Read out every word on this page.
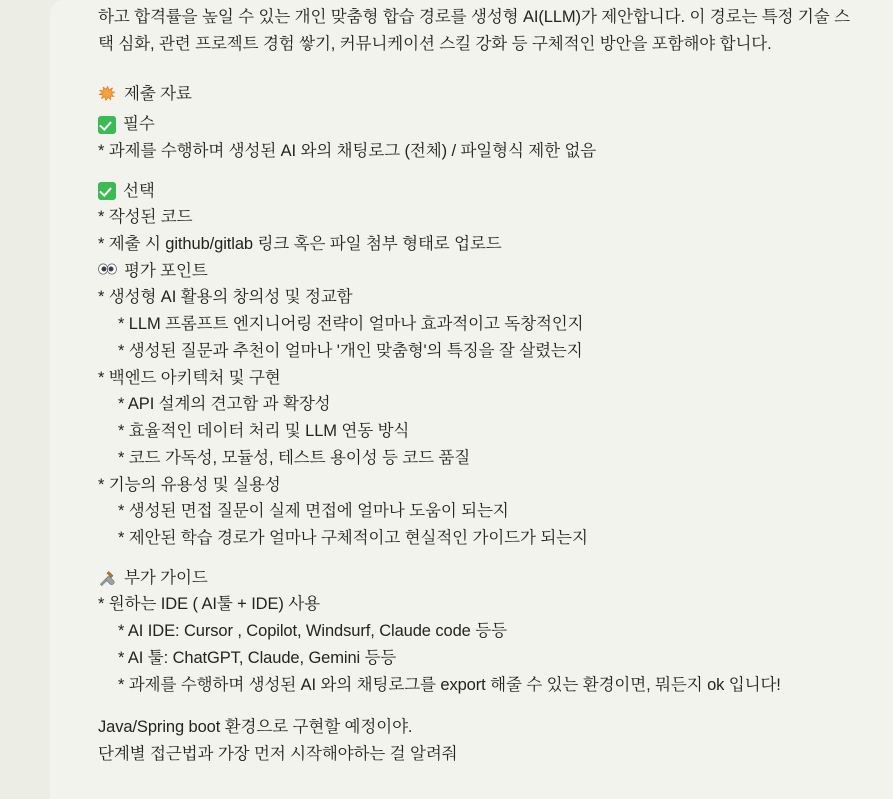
하고 합격률을 높일 수 있는 개인 맞춤형 합습 경로를 생성형 AI(LLM)가 제안합니다. 이 경로는 특정 기술 스택 심화, 관련 프로젝트 경험 쌓기, 커뮤니케이션 스킬 강화 등 구체적인 방안을 포함해야 합니다.

제출 자료
필수
* 과제를 수행하며 생성된 AI 와의 채팅로그 (전체) / 파일형식 제한 없음
선택
* 작성된 코드
* 제출 시 github/gitlab 링크 혹은 파일 첨부 형태로 업로드
평가 포인트
* 생성형 AI 활용의 창의성 및 정교함
* LLM 프롬프트 엔지니어링 전략이 얼마나 효과적이고 독창적인지
* 생성된 질문과 추천이 얼마나 '개인 맞춤형'의 특징을 잘 살렸는지
* 백엔드 아키텍처 및 구현
* API 설계의 견고함 과 확장성
* 효율적인 데이터 처리 및 LLM 연동 방식
* 코드 가독성, 모듈성, 테스트 용이성 등 코드 품질
* 기능의 유용성 및 실용성
* 생성된 면접 질문이 실제 면접에 얼마나 도움이 되는지
* 제안된 학습 경로가 얼마나 구체적이고 현실적인 가이드가 되는지
부가 가이드
* 원하는 IDE ( AI툴 + IDE) 사용
* AI IDE: Cursor , Copilot, Windsurf, Claude code 등등
* AI 툴: ChatGPT, Claude, Gemini 등등
* 과제를 수행하며 생성된 AI 와의 채팅로그를 export 해줄 수 있는 환경이면, 뭐든지 ok 입니다!
Java/Spring boot 환경으로 구현할 예정이야.
단계별 접근법과 가장 먼저 시작해야하는 걸 알려줘
